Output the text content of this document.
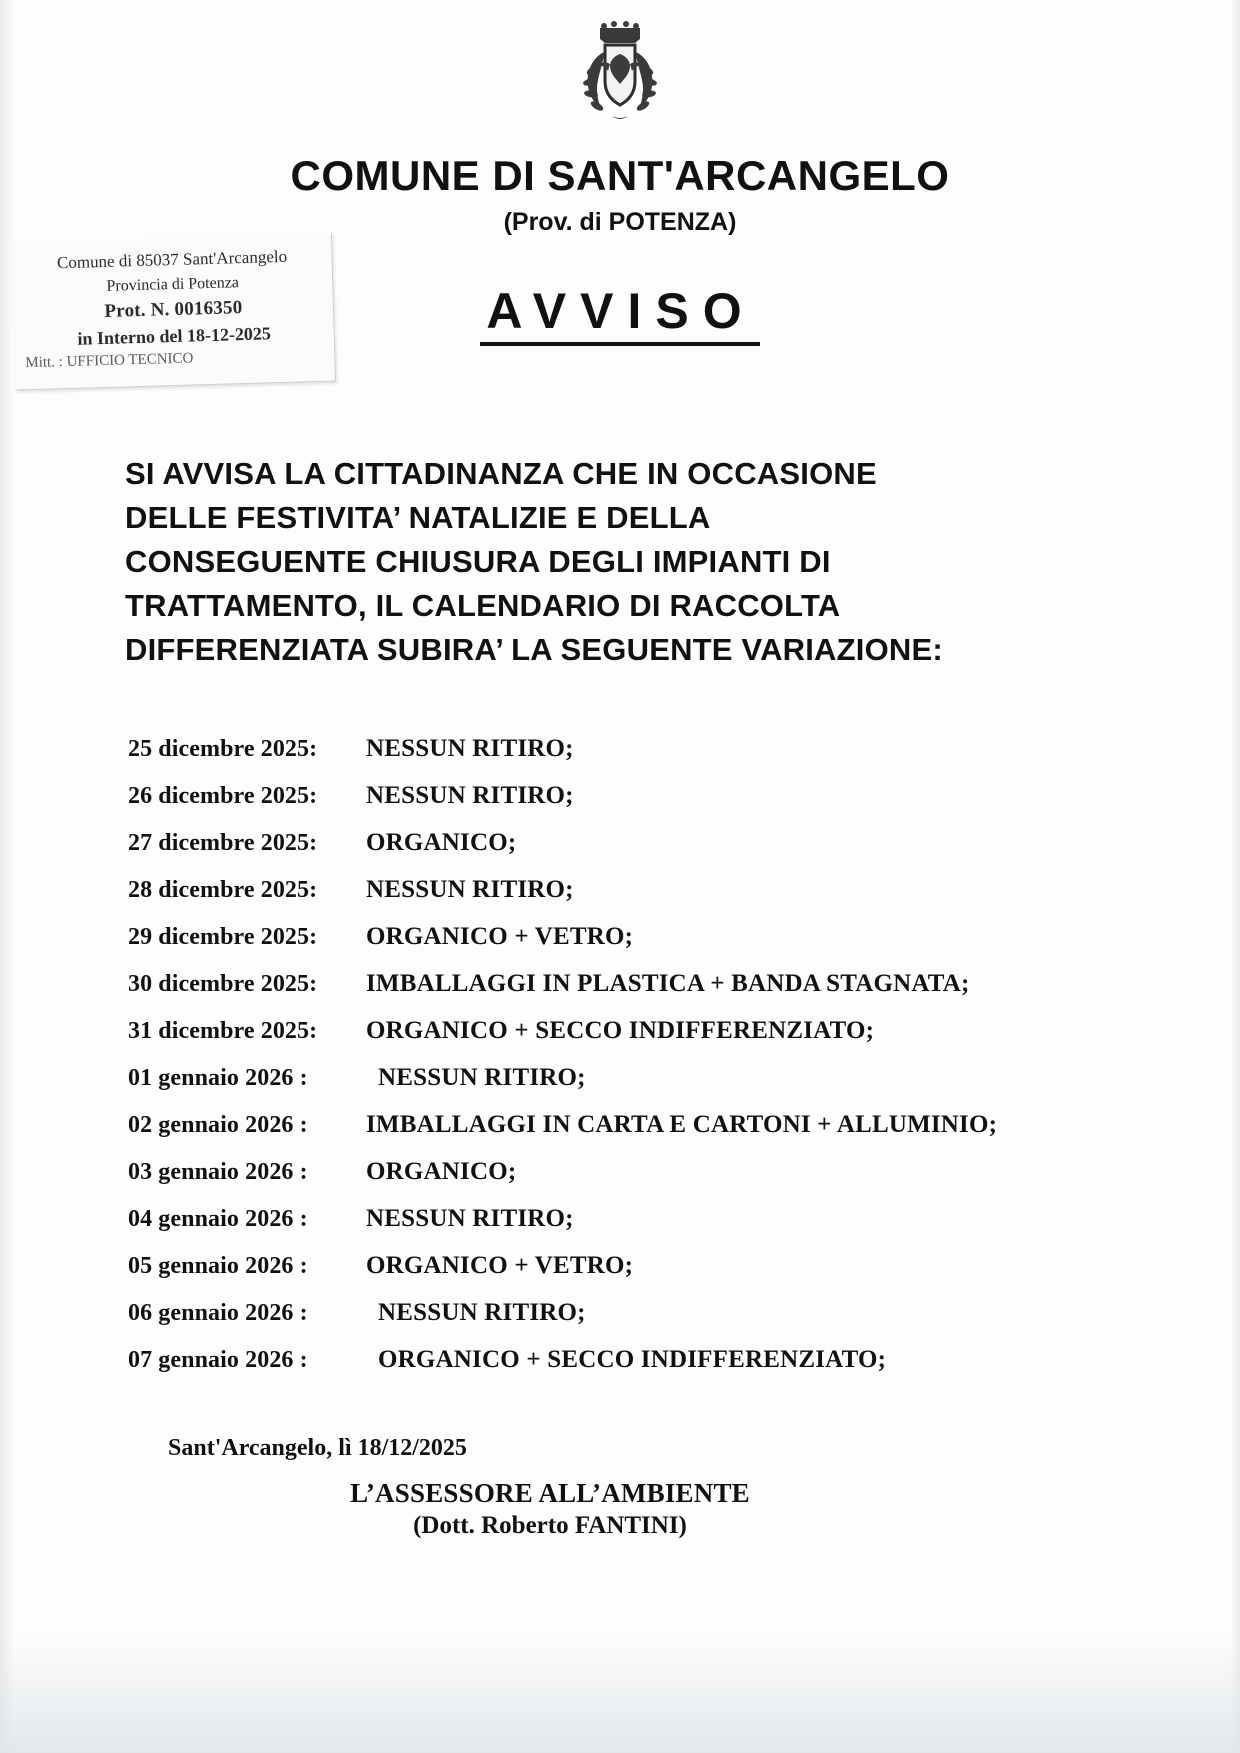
Comune di 85037 Sant'Arcangelo
Provincia di Potenza
Prot. N. 0016350
in Interno del 18-12-2025
Mitt. : UFFICIO TECNICO
COMUNE DI SANT'ARCANGELO
(Prov. di POTENZA)
AVVISO
SI AVVISA LA CITTADINANZA CHE IN OCCASIONE
DELLE FESTIVITA’ NATALIZIE E DELLA
CONSEGUENTE CHIUSURA DEGLI IMPIANTI DI
TRATTAMENTO, IL CALENDARIO DI RACCOLTA
DIFFERENZIATA SUBIRA’ LA SEGUENTE VARIAZIONE:
25 dicembre 2025:	NESSUN RITIRO;
26 dicembre 2025:	NESSUN RITIRO;
27 dicembre 2025:	ORGANICO;
28 dicembre 2025:	NESSUN RITIRO;
29 dicembre 2025:	ORGANICO + VETRO;
30 dicembre 2025:	IMBALLAGGI IN PLASTICA + BANDA STAGNATA;
31 dicembre 2025:	ORGANICO + SECCO INDIFFERENZIATO;
01 gennaio 2026 :	NESSUN RITIRO;
02 gennaio 2026 :	IMBALLAGGI IN CARTA E CARTONI + ALLUMINIO;
03 gennaio 2026 :	ORGANICO;
04 gennaio 2026 :	NESSUN RITIRO;
05 gennaio 2026 :	ORGANICO + VETRO;
06 gennaio 2026 :	NESSUN RITIRO;
07 gennaio 2026 :	ORGANICO + SECCO INDIFFERENZIATO;
Sant'Arcangelo, lì 18/12/2025
L’ASSESSORE ALL’AMBIENTE
(Dott. Roberto FANTINI)
